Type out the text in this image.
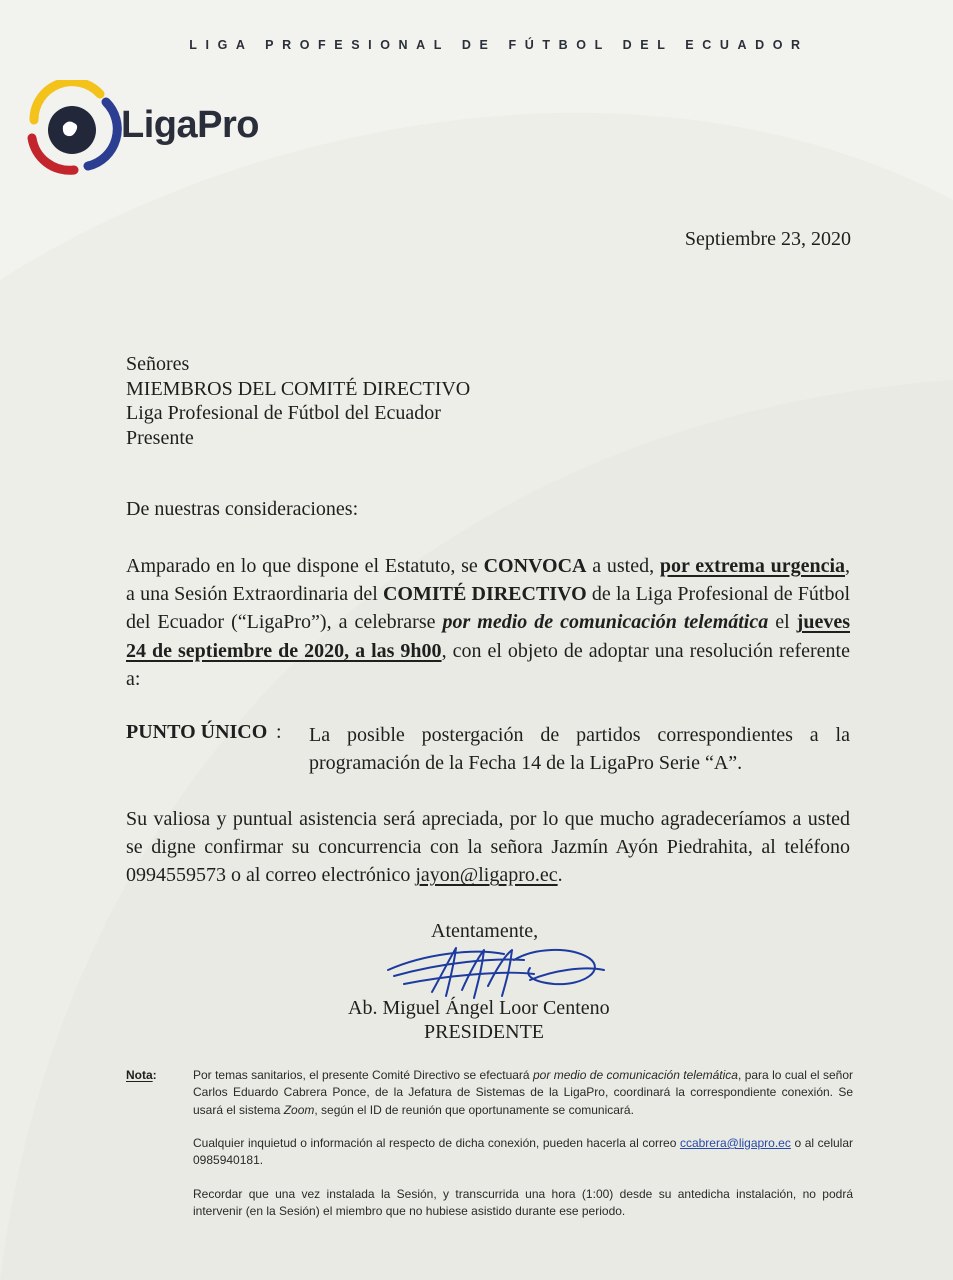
LIGA PROFESIONAL DE FÚTBOL DEL ECUADOR
LigaPro
Septiembre 23, 2020
Señores
MIEMBROS DEL COMITÉ DIRECTIVO
Liga Profesional de Fútbol del Ecuador
Presente
De nuestras consideraciones:
Amparado en lo que dispone el Estatuto, se CONVOCA a usted, por extrema urgencia, a una Sesión Extraordinaria del COMITÉ DIRECTIVO de la Liga Profesional de Fútbol del Ecuador (“LigaPro”), a celebrarse por medio de comunicación telemática el jueves 24 de septiembre de 2020, a las 9h00, con el objeto de adoptar una resolución referente a:
PUNTO ÚNICO : La posible postergación de partidos correspondientes a la programación de la Fecha 14 de la LigaPro Serie “A”.
Su valiosa y puntual asistencia será apreciada, por lo que mucho agradeceríamos a usted se digne confirmar su concurrencia con la señora Jazmín Ayón Piedrahita, al teléfono 0994559573 o al correo electrónico jayon@ligapro.ec.
Atentamente,
Ab. Miguel Ángel Loor Centeno
PRESIDENTE
Nota:	Por temas sanitarios, el presente Comité Directivo se efectuará por medio de comunicación telemática, para lo cual el señor Carlos Eduardo Cabrera Ponce, de la Jefatura de Sistemas de la LigaPro, coordinará la correspondiente conexión. Se usará el sistema Zoom, según el ID de reunión que oportunamente se comunicará.
Cualquier inquietud o información al respecto de dicha conexión, pueden hacerla al correo ccabrera@ligapro.ec o al celular 0985940181.
Recordar que una vez instalada la Sesión, y transcurrida una hora (1:00) desde su antedicha instalación, no podrá intervenir (en la Sesión) el miembro que no hubiese asistido durante ese periodo.
